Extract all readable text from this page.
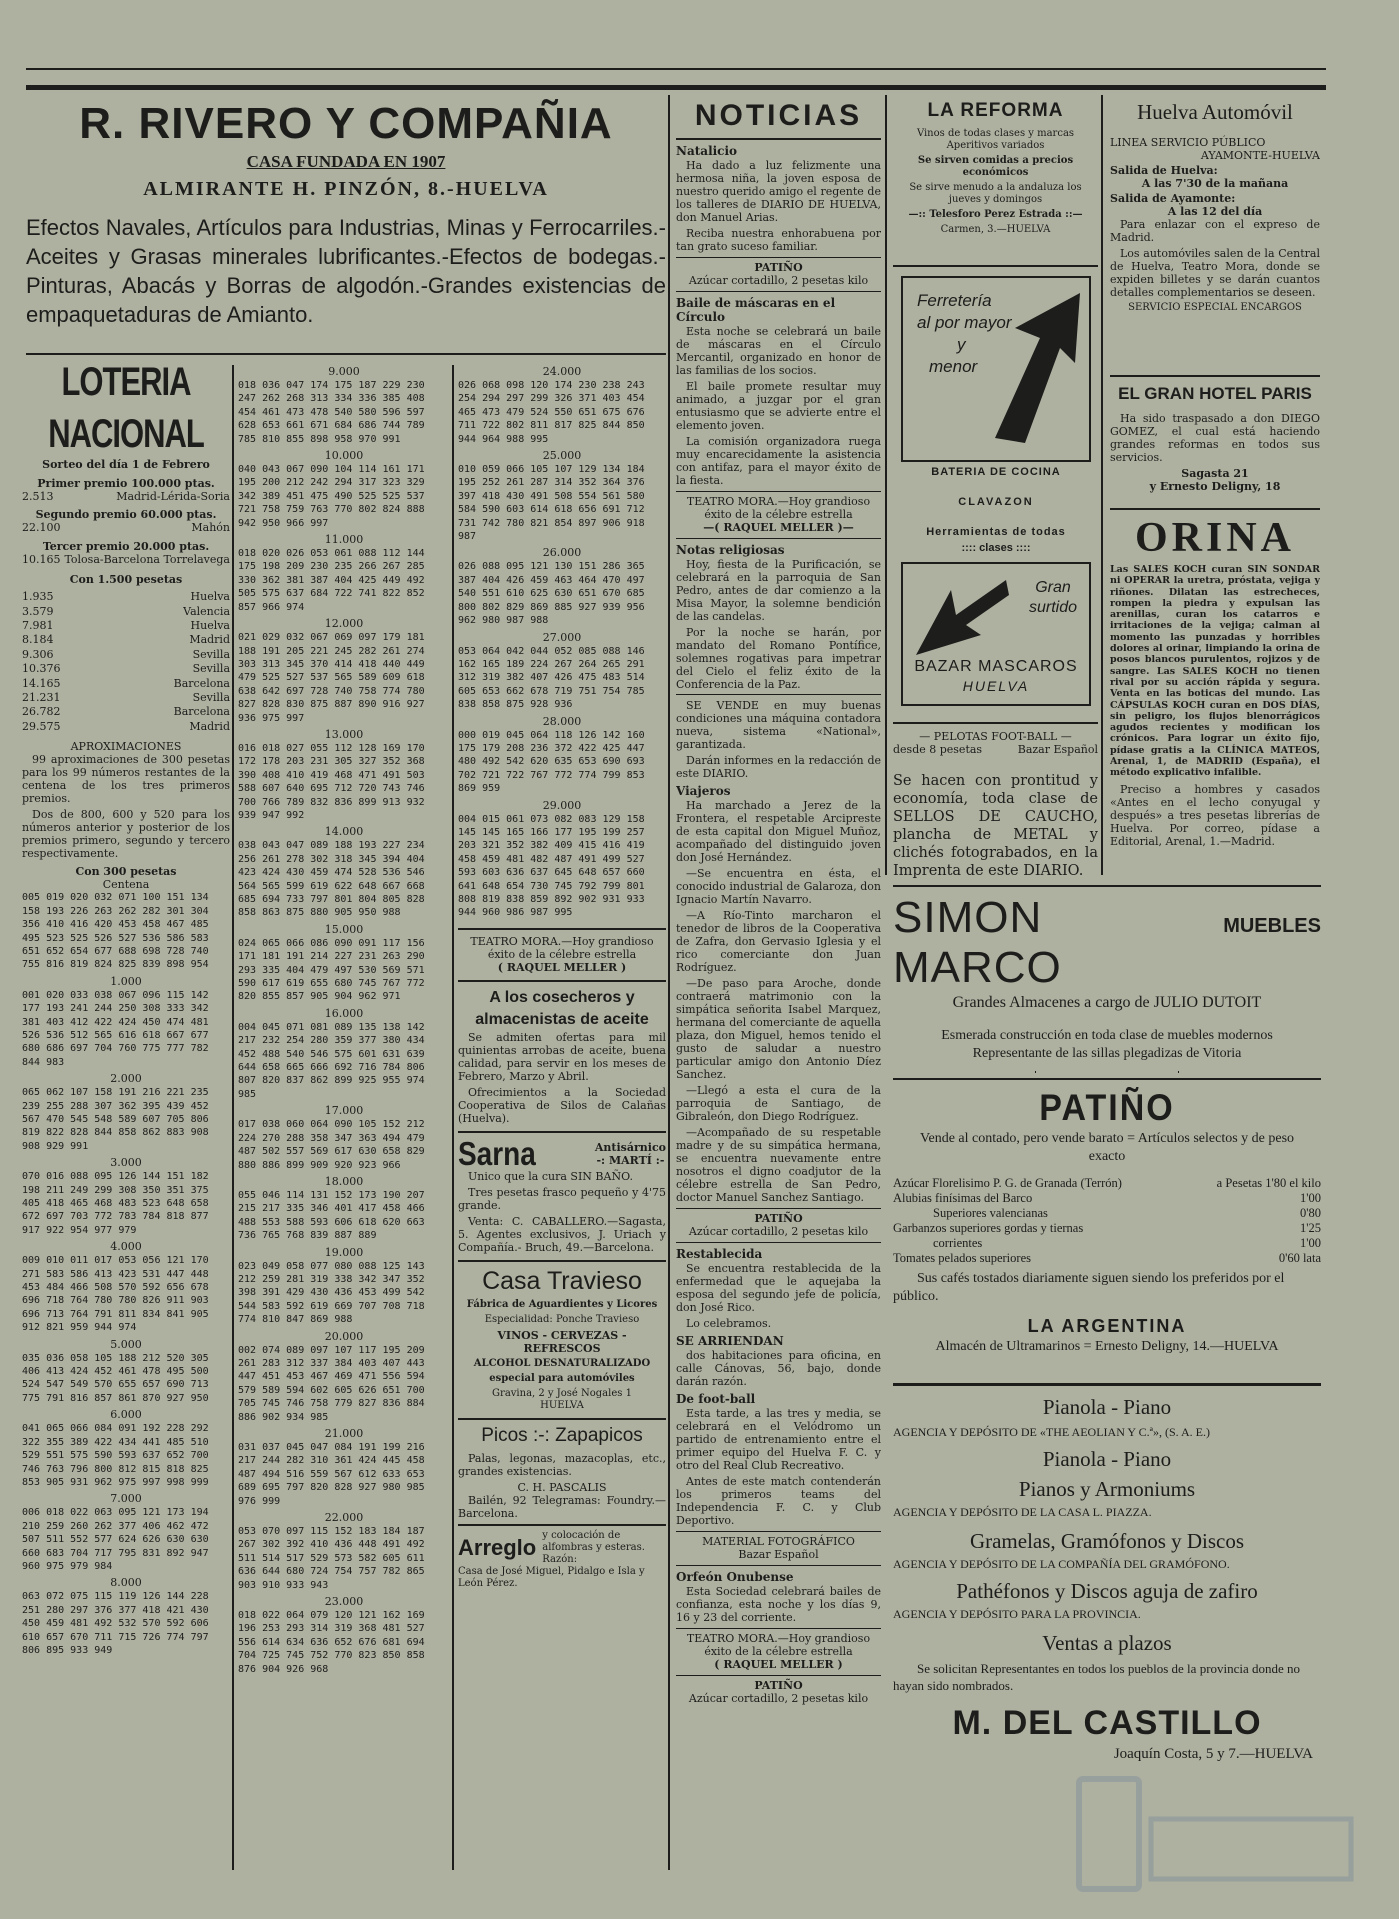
R. RIVERO Y COMPAÑIA
CASA FUNDADA EN 1907
ALMIRANTE H. PINZÓN, 8.-HUELVA
Efectos Navales, Artículos para Industrias, Minas y Ferrocarriles.-Aceites y Grasas minerales lubrificantes.-Efectos de bodegas.-Pinturas, Abacás y Borras de algodón.-Grandes existencias de empaquetaduras de Amianto.
LOTERIA NACIONAL
Sorteo del día 1 de Febrero
Primer premio 100.000 ptas.
2.513	Madrid-Lérida-Soria
Segundo premio 60.000 ptas.
22.100	Mahón
Tercer premio 20.000 ptas.
10.165 Tolosa-Barcelona Torrelavega
Con 1.500 pesetas
1.935	Huelva
3.579	Valencia
7.981	Huelva
8.184	Madrid
9.306	Sevilla
10.376	Sevilla
14.165	Barcelona
21.231	Sevilla
26.782	Barcelona
29.575	Madrid
APROXIMACIONES

99 aproximaciones de 300 pesetas para los 99 números restantes de la centena de los tres primeros premios.

Dos de 800, 600 y 520 para los números anterior y posterior de los premios primero, segundo y tercero respectivamente.

Con 300 pesetas
Centena
005 019 020 032 071 100 151 134
158 193 226 263 262 282 301 304
356 410 416 420 453 458 467 485
495 523 525 526 527 536 586 583
651 652 654 677 688 698 728 740
755 816 819 824 825 839 898 954
1.000
001 020 033 038 067 096 115 142
177 193 241 244 250 308 333 342
381 403 412 422 424 450 474 481
526 536 512 565 616 618 667 677
680 686 697 704 760 775 777 782
844 983
2.000
065 062 107 158 191 216 221 235
239 255 288 307 362 395 439 452
567 470 545 548 589 607 705 806
819 822 828 844 858 862 883 908
908 929 991
3.000
070 016 088 095 126 144 151 182
198 211 249 299 308 350 351 375
405 418 465 468 483 523 648 658
672 697 703 772 783 784 818 877
917 922 954 977 979
4.000
009 010 011 017 053 056 121 170
271 583 586 413 423 531 447 448
453 484 466 508 570 592 656 678
696 718 764 780 780 826 911 903
696 713 764 791 811 834 841 905
912 821 959 944 974
5.000
035 036 058 105 188 212 520 305
406 413 424 452 461 478 495 500
524 547 549 570 655 657 690 713
775 791 816 857 861 870 927 950
6.000
041 065 066 084 091 192 228 292
322 355 389 422 434 441 485 510
529 551 575 590 593 637 652 700
746 763 796 800 812 815 818 825
853 905 931 962 975 997 998 999
7.000
006 018 022 063 095 121 173 194
210 259 260 262 377 406 462 472
507 511 552 577 624 626 630 630
660 683 704 717 795 831 892 947
960 975 979 984
8.000
063 072 075 115 119 126 144 228
251 280 297 376 377 418 421 430
450 459 481 492 532 570 592 606
610 657 670 711 715 726 774 797
806 895 933 949
9.000
018 036 047 174 175 187 229 230
247 262 268 313 334 336 385 408
454 461 473 478 540 580 596 597
628 653 661 671 684 686 744 789
785 810 855 898 958 970 991
10.000
040 043 067 090 104 114 161 171
195 200 212 242 294 317 323 329
342 389 451 475 490 525 525 537
721 758 759 763 770 802 824 888
942 950 966 997
11.000
018 020 026 053 061 088 112 144
175 198 209 230 235 266 267 285
330 362 381 387 404 425 449 492
505 575 637 684 722 741 822 852
857 966 974
12.000
021 029 032 067 069 097 179 181
188 191 205 221 245 282 261 274
303 313 345 370 414 418 440 449
479 525 527 537 565 589 609 618
638 642 697 728 740 758 774 780
827 828 830 875 887 890 916 927
936 975 997
13.000
016 018 027 055 112 128 169 170
172 178 203 231 305 327 352 368
390 408 410 419 468 471 491 503
588 607 640 695 712 720 743 746
700 766 789 832 836 899 913 932
939 947 992
14.000
038 043 047 089 188 193 227 234
256 261 278 302 318 345 394 404
423 424 430 459 474 528 536 546
564 565 599 619 622 648 667 668
685 694 733 797 801 804 805 828
858 863 875 880 905 950 988
15.000
024 065 066 086 090 091 117 156
171 181 191 214 227 231 263 290
293 335 404 479 497 530 569 571
590 617 619 655 680 745 767 772
820 855 857 905 904 962 971
16.000
004 045 071 081 089 135 138 142
217 232 254 280 359 377 380 434
452 488 540 546 575 601 631 639
644 658 665 666 692 716 784 806
807 820 837 862 899 925 955 974
985
17.000
017 038 060 064 090 105 152 212
224 270 288 358 347 363 494 479
487 502 557 569 617 630 658 829
880 886 899 909 920 923 966
18.000
055 046 114 131 152 173 190 207
215 217 335 346 401 417 458 466
488 553 588 593 606 618 620 663
736 765 768 839 887 889
19.000
023 049 058 077 080 088 125 143
212 259 281 319 338 342 347 352
398 391 429 430 436 453 499 542
544 583 592 619 669 707 708 718
774 810 847 869 988
20.000
002 074 089 097 107 117 195 209
261 283 312 337 384 403 407 443
447 451 453 467 469 471 556 594
579 589 594 602 605 626 651 700
705 745 746 758 779 827 836 884
886 902 934 985
21.000
031 037 045 047 084 191 199 216
217 244 282 310 361 424 445 458
487 494 516 559 567 612 633 653
689 695 797 820 828 927 980 985
976 999
22.000
053 070 097 115 152 183 184 187
267 302 392 410 436 448 491 492
511 514 517 529 573 582 605 611
636 644 680 724 754 757 782 865
903 910 933 943
23.000
018 022 064 079 120 121 162 169
196 253 293 314 319 368 481 527
556 614 634 636 652 676 681 694
704 725 745 752 770 823 850 858
876 904 926 968
24.000
026 068 098 120 174 230 238 243
254 294 297 299 326 371 403 454
465 473 479 524 550 651 675 676
711 722 802 811 817 825 844 850
944 964 988 995
25.000
010 059 066 105 107 129 134 184
195 252 261 287 314 352 364 376
397 418 430 491 508 554 561 580
584 590 603 614 618 656 691 712
731 742 780 821 854 897 906 918
987
26.000
026 088 095 121 130 151 286 365
387 404 426 459 463 464 470 497
540 551 610 625 630 651 670 685
800 802 829 869 885 927 939 956
962 980 987 988
27.000
053 064 042 044 052 085 088 146
162 165 189 224 267 264 265 291
312 319 382 407 426 475 483 514
605 653 662 678 719 751 754 785
838 858 875 928 936
28.000
000 019 045 064 118 126 142 160
175 179 208 236 372 422 425 447
480 492 542 620 635 653 690 693
702 721 722 767 772 774 799 853
869 959
29.000
004 015 061 073 082 083 129 158
145 145 165 166 177 195 199 257
203 321 352 382 409 415 416 419
458 459 481 482 487 491 499 527
593 603 636 637 645 648 657 660
641 648 654 730 745 792 799 801
808 819 838 859 892 902 931 933
944 960 986 987 995
TEATRO MORA.—Hoy grandioso
éxito de la célebre estrella
( RAQUEL MELLER )
A los cosecheros y almacenistas de aceite

Se admiten ofertas para mil quinientas arrobas de aceite, buena calidad, para servir en los meses de Febrero, Marzo y Abril.

Ofrecimientos a la Sociedad Cooperativa de Silos de Calañas (Huelva).

Sarna	Antisárnico
-: MARTÍ :-

Unico que la cura SIN BAÑO.

Tres pesetas frasco pequeño y 4'75 grande.

Venta: C. CABALLERO.—Sagasta, 5. Agentes exclusivos, J. Uriach y Compañía.- Bruch, 49.—Barcelona.

Casa Travieso
Fábrica de Aguardientes y Licores
Especialidad: Ponche Travieso
VINOS - CERVEZAS - REFRESCOS
ALCOHOL DESNATURALIZADO
especial para automóviles
Gravina, 2 y José Nogales 1
HUELVA
Picos :-: Zapapicos

Palas, legonas, mazacoplas, etc., grandes existencias.

C. H. PASCALIS

Bailén, 92 Telegramas: Foundry.—Barcelona.

Arreglo y colocación de alfombras y esteras. Razón:
Casa de José Miguel, Pidalgo e Isla y León Pérez.
NOTICIAS
Natalicio

Ha dado a luz felizmente una hermosa niña, la joven esposa de nuestro querido amigo el regente de los talleres de DIARIO DE HUELVA, don Manuel Arias.

Reciba nuestra enhorabuena por tan grato suceso familiar.

PATIÑO
Azúcar cortadillo, 2 pesetas kilo
Baile de máscaras en el Círculo

Esta noche se celebrará un baile de máscaras en el Círculo Mercantil, organizado en honor de las familias de los socios.

El baile promete resultar muy animado, a juzgar por el gran entusiasmo que se advierte entre el elemento joven.

La comisión organizadora ruega muy encarecidamente la asistencia con antifaz, para el mayor éxito de la fiesta.

TEATRO MORA.—Hoy grandioso
éxito de la célebre estrella
—( RAQUEL MELLER )—
Notas religiosas

Hoy, fiesta de la Purificación, se celebrará en la parroquia de San Pedro, antes de dar comienzo a la Misa Mayor, la solemne bendición de las candelas.

Por la noche se harán, por mandato del Romano Pontífice, solemnes rogativas para impetrar del Cielo el feliz éxito de la Conferencia de la Paz.

SE VENDE en muy buenas condiciones una máquina contadora nueva, sistema «National», garantizada.

Darán informes en la redacción de este DIARIO.

Viajeros

Ha marchado a Jerez de la Frontera, el respetable Arcipreste de esta capital don Miguel Muñoz, acompañado del distinguido joven don José Hernández.

—Se encuentra en ésta, el conocido industrial de Galaroza, don Ignacio Martín Navarro.

—A Río-Tinto marcharon el tenedor de libros de la Cooperativa de Zafra, don Gervasio Iglesia y el rico comerciante don Juan Rodríguez.

—De paso para Aroche, donde contraerá matrimonio con la simpática señorita Isabel Marquez, hermana del comerciante de aquella plaza, don Miguel, hemos tenido el gusto de saludar a nuestro particular amigo don Antonio Díez Sanchez.

—Llegó a esta el cura de la parroquia de Santiago, de Gibraleón, don Diego Rodríguez.

—Acompañado de su respetable madre y de su simpática hermana, se encuentra nuevamente entre nosotros el digno coadjutor de la célebre estrella de San Pedro, doctor Manuel Sanchez Santiago.

PATIÑO
Azúcar cortadillo, 2 pesetas kilo
Restablecida

Se encuentra restablecida de la enfermedad que le aquejaba la esposa del segundo jefe de policía, don José Rico.

Lo celebramos.

SE ARRIENDAN

dos habitaciones para oficina, en calle Cánovas, 56, bajo, donde darán razón.

De foot-ball

Esta tarde, a las tres y media, se celebrará en el Velódromo un partido de entrenamiento entre el primer equipo del Huelva F. C. y otro del Real Club Recreativo.

Antes de este match contenderán los primeros teams del Independencia F. C. y Club Deportivo.

MATERIAL FOTOGRÁFICO
Bazar Español
Orfeón Onubense

Esta Sociedad celebrará bailes de confianza, esta noche y los días 9, 16 y 23 del corriente.

TEATRO MORA.—Hoy grandioso
éxito de la célebre estrella
( RAQUEL MELLER )
PATIÑO
Azúcar cortadillo, 2 pesetas kilo
LA REFORMA
Vinos de todas clases y marcas
Aperitivos variados
Se sirven comidas a precios económicos
Se sirve menudo a la andaluza los jueves y domingos
—:: Telesforo Perez Estrada ::—
Carmen, 3.—HUELVA
Ferretería
al por mayor
y
menor
BATERIA DE COCINA
CLAVAZON
Herramientas de todas
:::: clases ::::
Gran
surtido
BAZAR MASCAROS
HUELVA
— PELOTAS FOOT-BALL —
desde 8 pesetas	Bazar Español
Se hacen con prontitud y economía, toda clase de SELLOS DE CAUCHO, plancha de METAL y clichés fotograbados, en la Imprenta de este DIARIO.
Huelva Automóvil
LINEA SERVICIO PÚBLICO
AYAMONTE-HUELVA
Salida de Huelva:
A las 7'30 de la mañana
Salida de Ayamonte:
A las 12 del día

Para enlazar con el expreso de Madrid.

Los automóviles salen de la Central de Huelva, Teatro Mora, donde se expiden billetes y se darán cuantos detalles complementarios se deseen.

SERVICIO ESPECIAL ENCARGOS
EL GRAN HOTEL PARIS

Ha sido traspasado a don DIEGO GOMEZ, el cual está haciendo grandes reformas en todos sus servicios.

Sagasta 21
y Ernesto Deligny, 18
ORINA

Las SALES KOCH curan SIN SONDAR ni OPERAR la uretra, próstata, vejiga y riñones. Dilatan las estrecheces, rompen la piedra y expulsan las arenillas, curan los catarros e irritaciones de la vejiga; calman al momento las punzadas y horribles dolores al orinar, limpiando la orina de posos blancos purulentos, rojizos y de sangre. Las SALES KOCH no tienen rival por su acción rápida y segura. Venta en las boticas del mundo. Las CÁPSULAS KOCH curan en DOS DÍAS, sin peligro, los flujos blenorrágicos agudos recientes y modifican los crónicos. Para lograr un éxito fijo, pídase gratis a la CLÍNICA MATEOS, Arenal, 1, de MADRID (España), el método explicativo infalible.

Preciso a hombres y casados «Antes en el lecho conyugal y después» a tres pesetas librerías de Huelva. Por correo, pídase a Editorial, Arenal, 1.—Madrid.

SIMON MARCO
MUEBLES
Grandes Almacenes a cargo de JULIO DUTOIT
Esmerada construcción en toda clase de muebles modernos
Representante de las sillas plegadizas de Vitoria
PATIÑO
Vende al contado, pero vende barato = Artículos selectos y de peso exacto
Azúcar Florelisimo P. G. de Granada (Terrón)	a Pesetas 1'80 el kilo
Alubias finísimas del Barco	1'00
Superiores valencianas	0'80
Garbanzos superiores gordas y tiernas	1'25
corrientes	1'00
Tomates pelados superiores	0'60 lata
Sus cafés tostados diariamente siguen siendo los preferidos por el público.
LA ARGENTINA
Almacén de Ultramarinos = Ernesto Deligny, 14.—HUELVA
Pianola - Piano
AGENCIA Y DEPÓSITO DE «THE AEOLIAN Y C.ª», (S. A. E.)
Pianola - Piano
Pianos y Armoniums
AGENCIA Y DEPÓSITO DE LA CASA L. PIAZZA.
Gramelas, Gramófonos y Discos
AGENCIA Y DEPÓSITO DE LA COMPAÑÍA DEL GRAMÓFONO.
Pathéfonos y Discos aguja de zafiro
AGENCIA Y DEPÓSITO PARA LA PROVINCIA.
Ventas a plazos
Se solicitan Representantes en todos los pueblos de la provincia donde no hayan sido nombrados.
M. DEL CASTILLO
Joaquín Costa, 5 y 7.—HUELVA
